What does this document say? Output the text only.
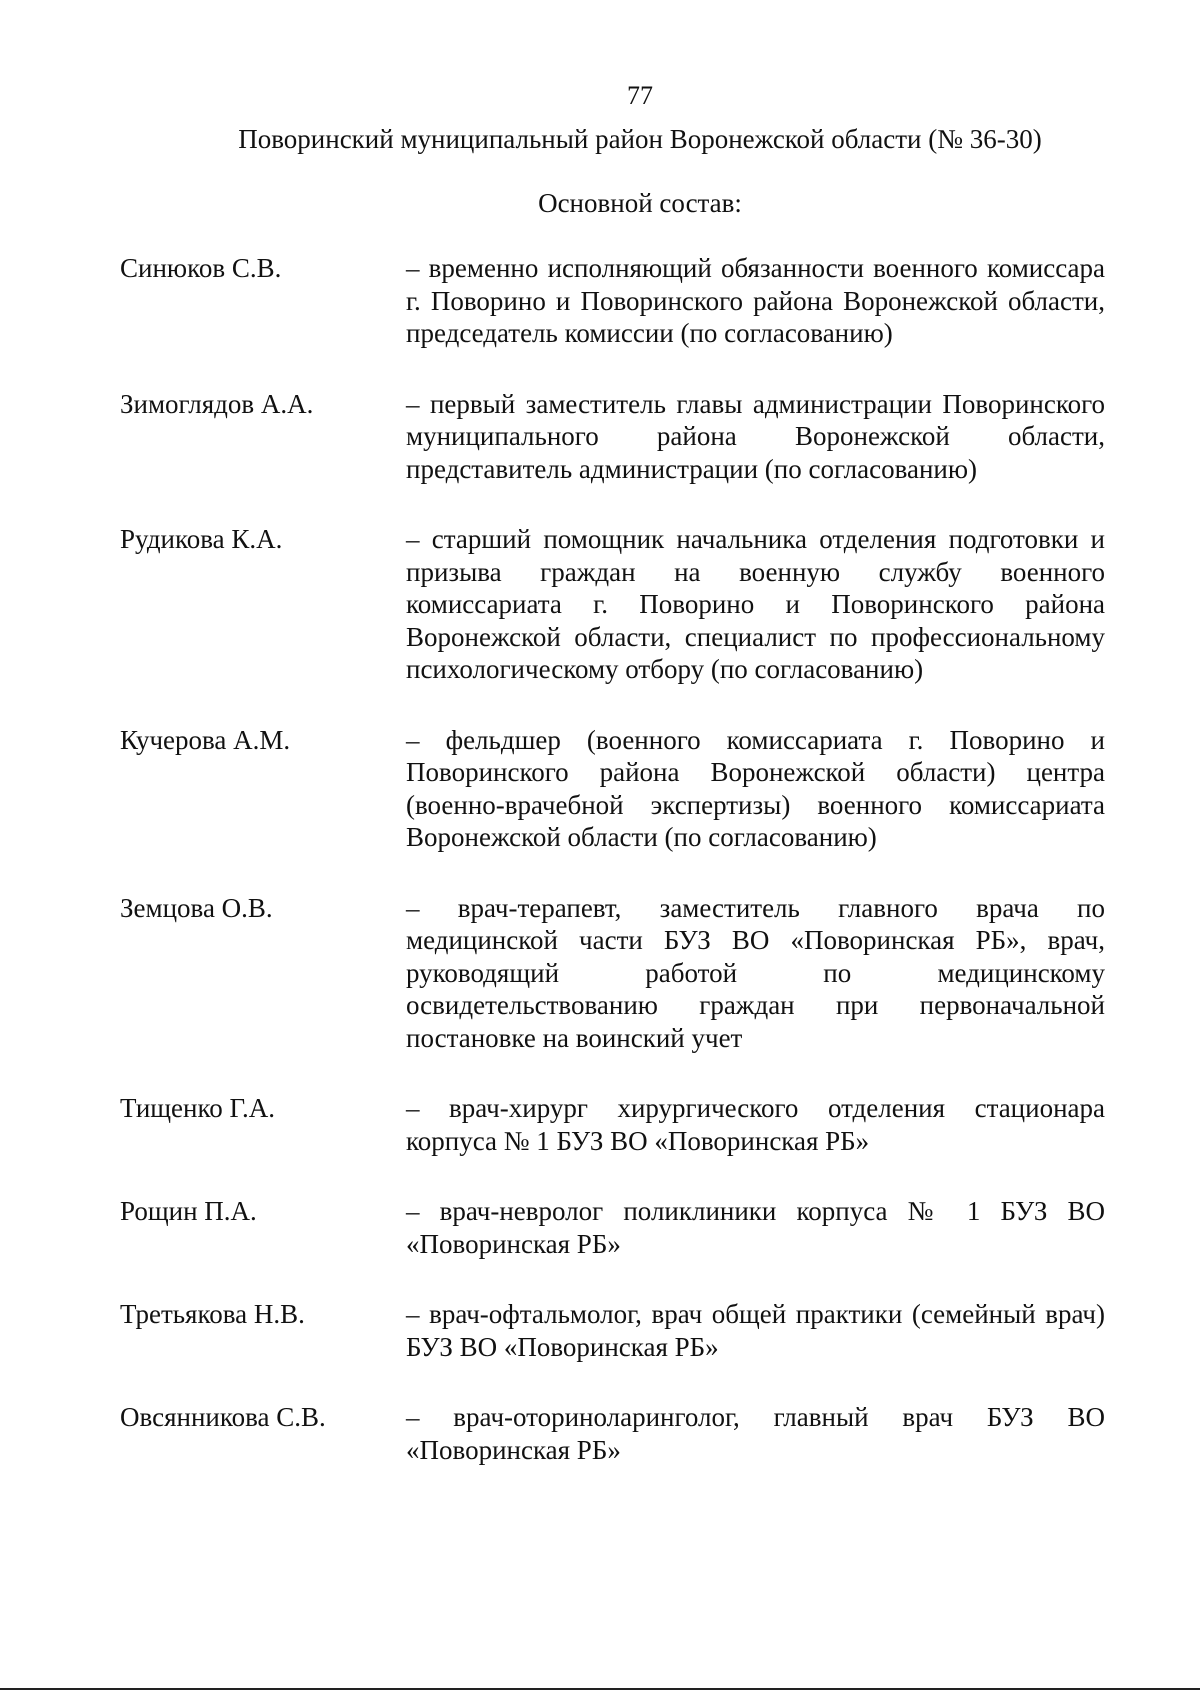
77
Поворинский муниципальный район Воронежской области (№ 36-30)
Основной состав:
Синюков С.В.	– временно исполняющий обязанности военного комиссара г. Поворино и Поворинского района Воронежской области, председатель комиссии (по согласованию)
Зимоглядов А.А.	– первый заместитель главы администрации Поворинского муниципального района Воронежской области, представитель администрации (по согласованию)
Рудикова К.А.	– старший помощник начальника отделения подготовки и призыва граждан на военную службу военного комиссариата г. Поворино и Поворинского района Воронежской области, специалист по профессиональному психологическому отбору (по согласованию)
Кучерова А.М.	– фельдшер (военного комиссариата г. Поворино и Поворинского района Воронежской области) центра (военно-врачебной экспертизы) военного комиссариата Воронежской области (по согласованию)
Земцова О.В.	– врач-терапевт, заместитель главного врача по медицинской части БУЗ ВО «Поворинская РБ», врач, руководящий работой по медицинскому освидетельствованию граждан при первоначальной постановке на воинский учет
Тищенко Г.А.	– врач-хирург хирургического отделения стационара корпуса № 1 БУЗ ВО «Поворинская РБ»
Рощин П.А.	– врач-невролог поликлиники корпуса № 1 БУЗ ВО «Поворинская РБ»
Третьякова Н.В.	– врач-офтальмолог, врач общей практики (семейный врач) БУЗ ВО «Поворинская РБ»
Овсянникова С.В.	– врач-оториноларинголог, главный врач БУЗ ВО «Поворинская РБ»
